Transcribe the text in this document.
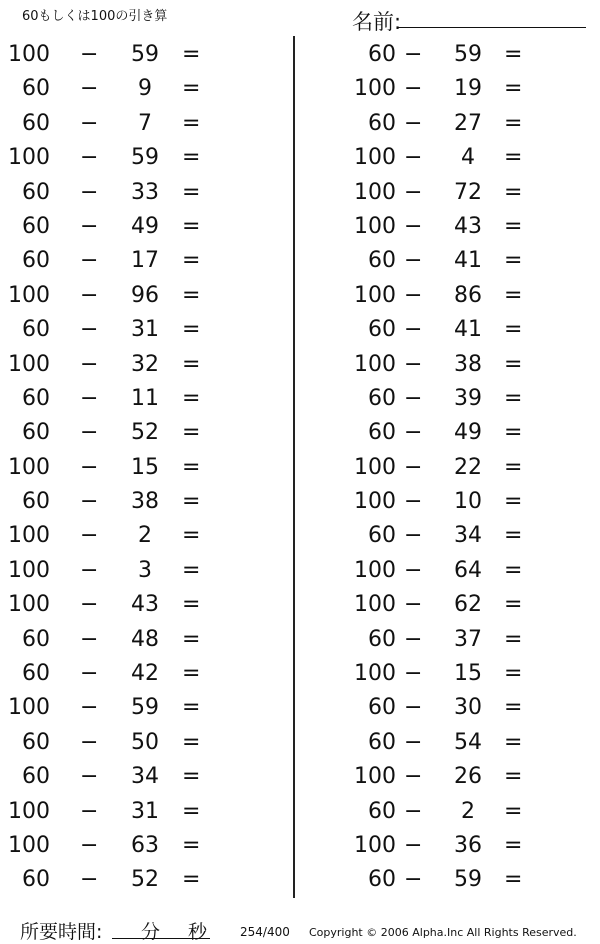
60もしくは100の引き算	名前:
100 −	59	=
60 −	9	=
60 −	7	=
100 −	59	=
60 −	33	=
60 −	49	=
60 −	17	=
100 −	96	=
60 −	31	=
100 −	32	=
60 −	11	=
60 −	52	=
100 −	15	=
60 −	38	=
100 −	2	=
100 −	3	=
100 −	43	=
60 −	48	=
60 −	42	=
100 −	59	=
60 −	50	=
60 −	34	=
100 −	31	=
100 −	63	=
60 −	52	=
60 −	59	=
100 −	19	=
60 −	27	=
100 −	4	=
100 −	72	=
100 −	43	=
60 −	41	=
100 −	86	=
60 −	41	=
100 −	38	=
60 −	39	=
60 −	49	=
100 −	22	=
100 −	10	=
60 −	34	=
100 −	64	=
100 −	62	=
60 −	37	=
100 −	15	=
60 −	30	=
60 −	54	=
100 −	26	=
60 −	2	=
100 −	36	=
60 −	59	=
所要時間: 分 秒	254/400 Copyright © 2006 Alpha.Inc All Rights Reserved.
